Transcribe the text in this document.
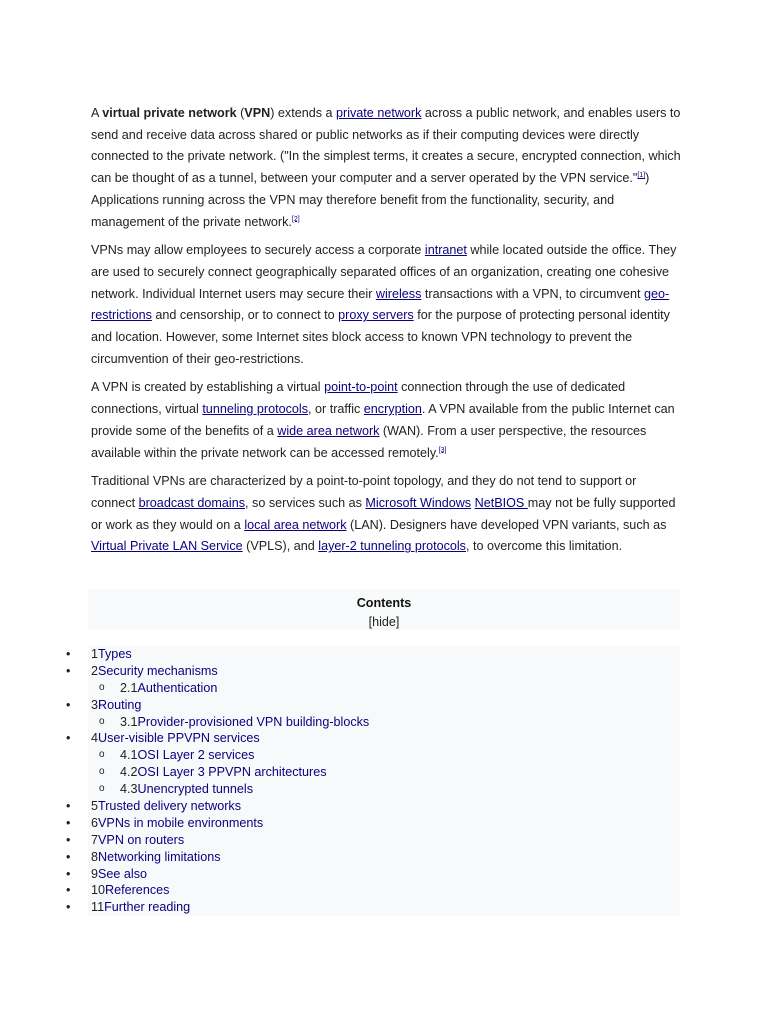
A virtual private network (VPN) extends a private network across a public network, and enables users to send and receive data across shared or public networks as if their computing devices were directly connected to the private network. ("In the simplest terms, it creates a secure, encrypted connection, which can be thought of as a tunnel, between your computer and a server operated by the VPN service."[1]) Applications running across the VPN may therefore benefit from the functionality, security, and management of the private network.[2]

VPNs may allow employees to securely access a corporate intranet while located outside the office. They are used to securely connect geographically separated offices of an organization, creating one cohesive network. Individual Internet users may secure their wireless transactions with a VPN, to circumvent geo-restrictions and censorship, or to connect to proxy servers for the purpose of protecting personal identity and location. However, some Internet sites block access to known VPN technology to prevent the circumvention of their geo-restrictions.

A VPN is created by establishing a virtual point-to-point connection through the use of dedicated connections, virtual tunneling protocols, or traffic encryption. A VPN available from the public Internet can provide some of the benefits of a wide area network (WAN). From a user perspective, the resources available within the private network can be accessed remotely.[3]

Traditional VPNs are characterized by a point-to-point topology, and they do not tend to support or connect broadcast domains, so services such as Microsoft Windows NetBIOS may not be fully supported or work as they would on a local area network (LAN). Designers have developed VPN variants, such as Virtual Private LAN Service (VPLS), and layer-2 tunneling protocols, to overcome this limitation.

Contents
[hide]
• 1Types
• 2Security mechanisms
o 2.1Authentication
• 3Routing
o 3.1Provider-provisioned VPN building-blocks
• 4User-visible PPVPN services
o 4.1OSI Layer 2 services
o 4.2OSI Layer 3 PPVPN architectures
o 4.3Unencrypted tunnels
• 5Trusted delivery networks
• 6VPNs in mobile environments
• 7VPN on routers
• 8Networking limitations
• 9See also
• 10References
• 11Further reading
